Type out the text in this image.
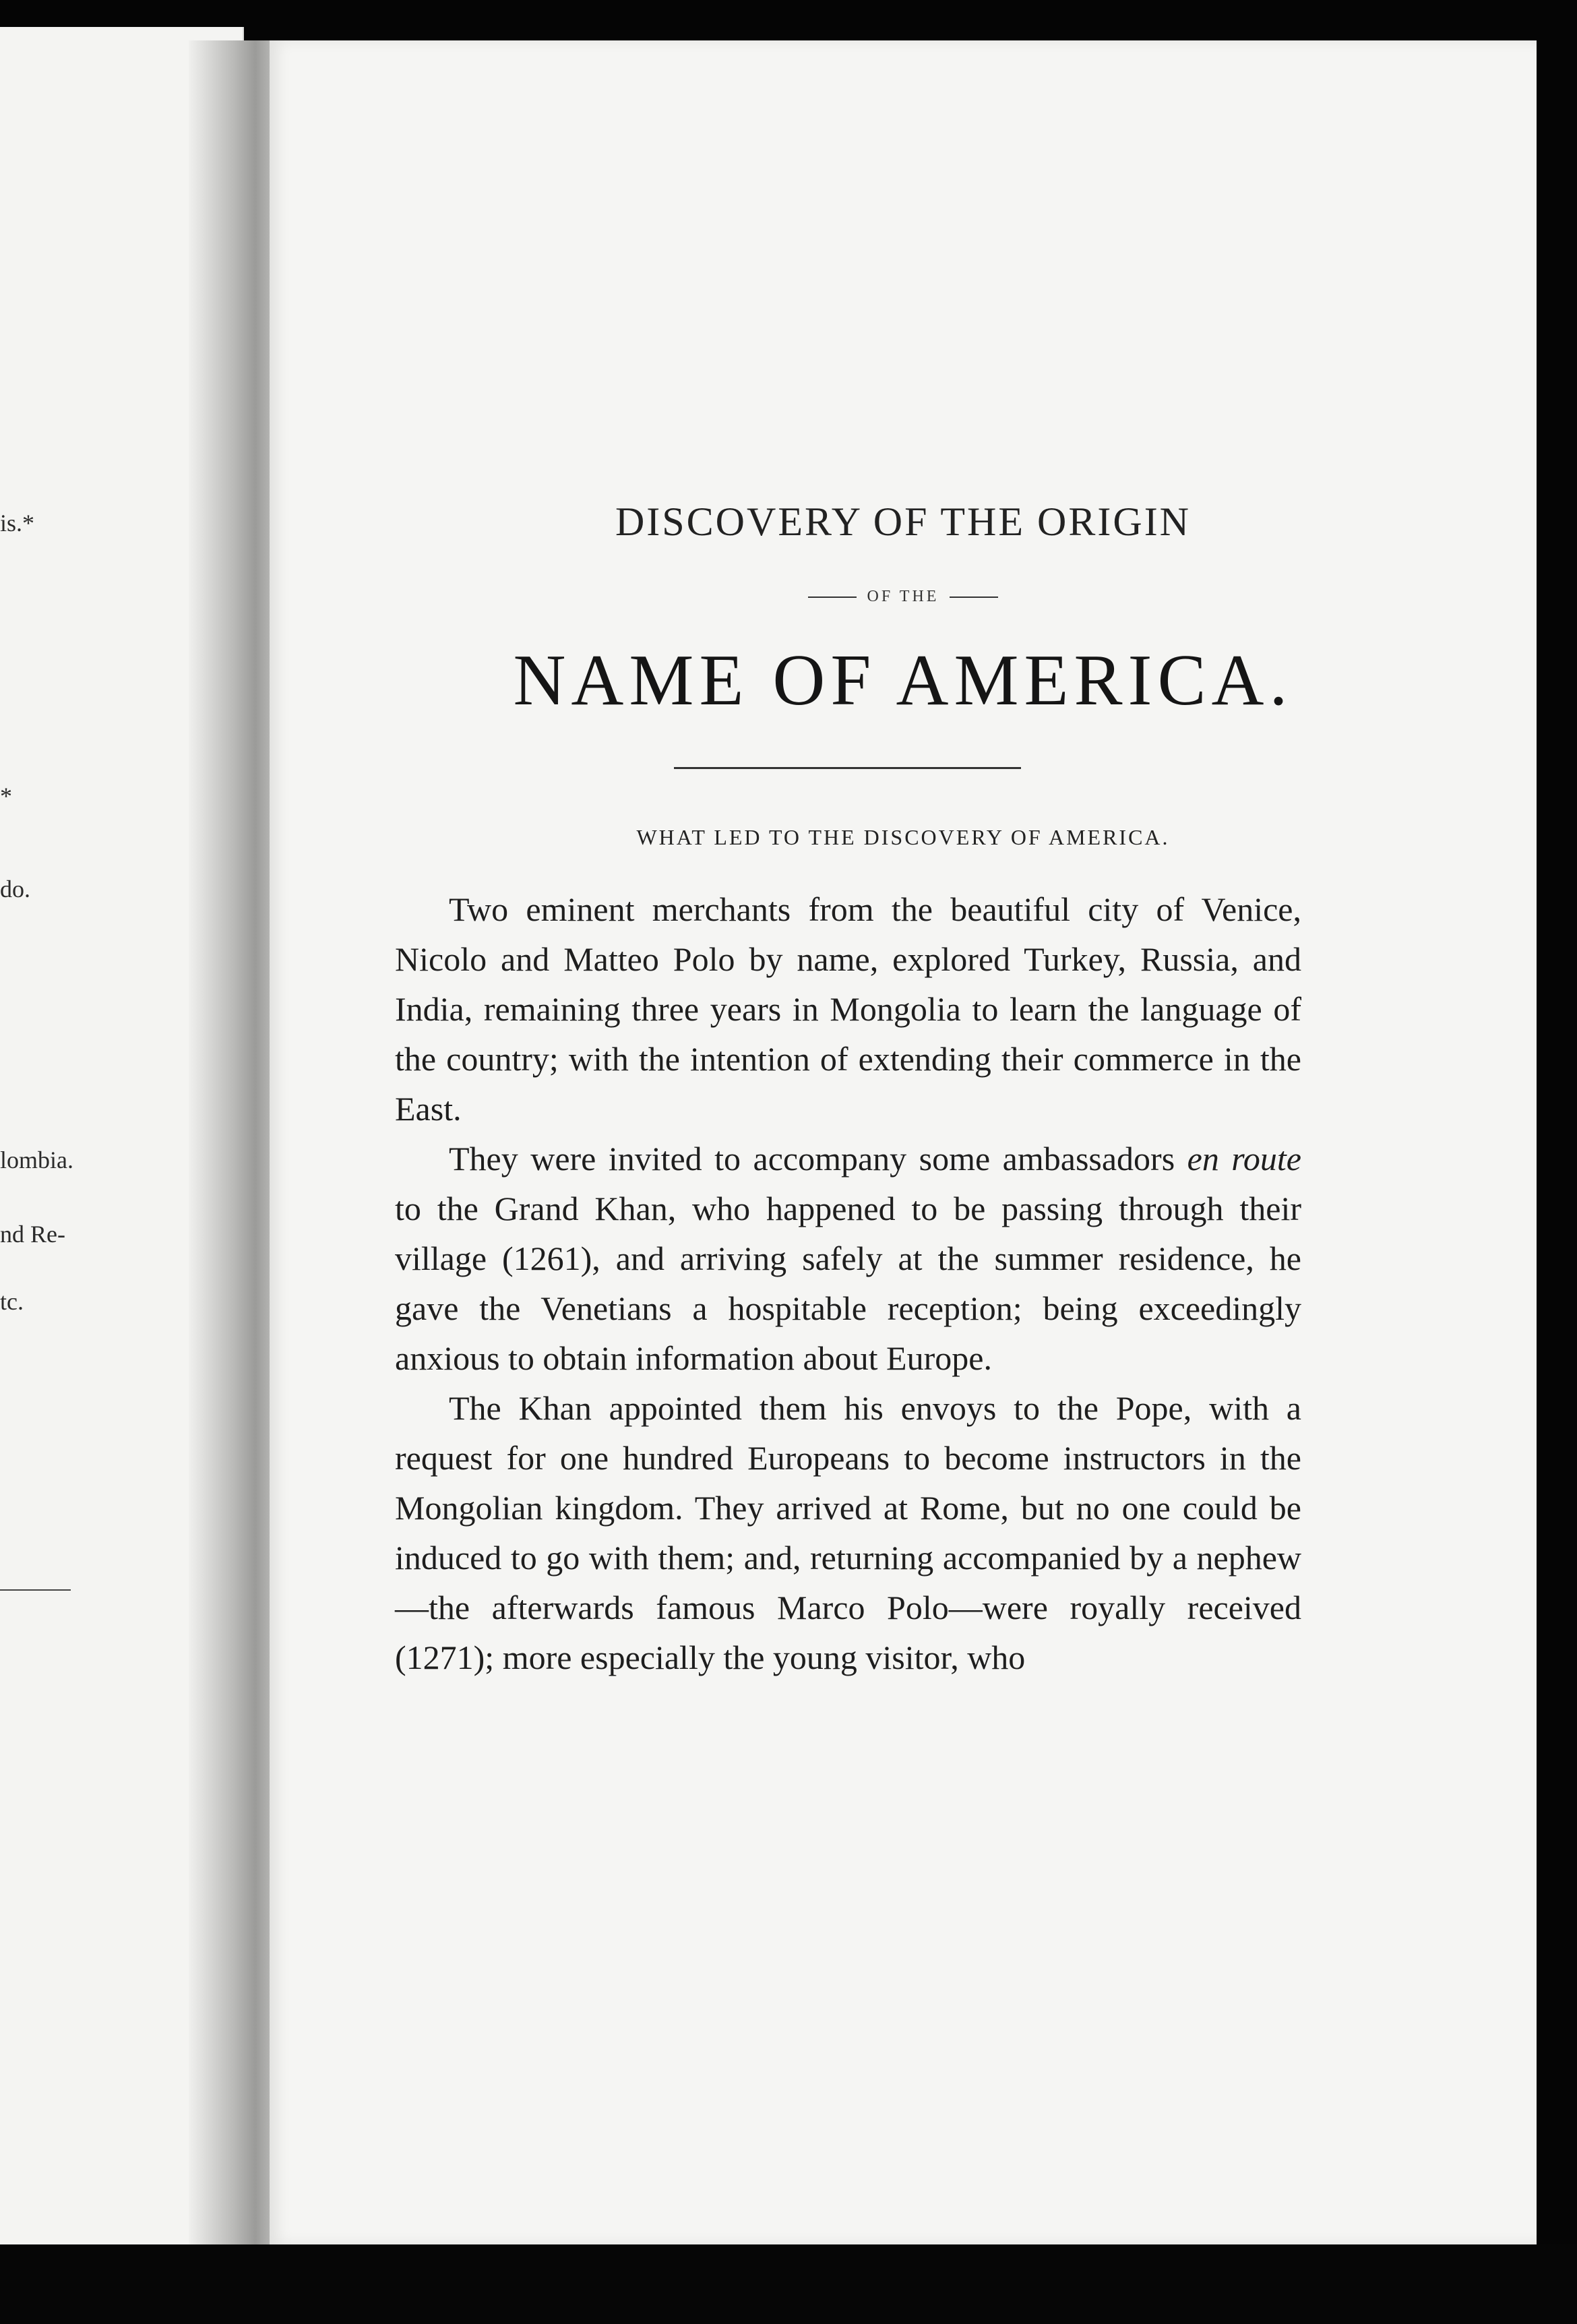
is.*
*
do.
lombia.
nd Re-
tc.
DISCOVERY OF THE ORIGIN
OF THE
NAME OF AMERICA.
WHAT LED TO THE DISCOVERY OF AMERICA.

Two eminent merchants from the beautiful city of Venice, Nicolo and Matteo Polo by name, explored Turkey, Russia, and India, remaining three years in Mongolia to learn the language of the country; with the intention of extending their commerce in the East.

They were invited to accompany some ambassadors en route to the Grand Khan, who happened to be passing through their village (1261), and arriving safely at the summer residence, he gave the Venetians a hospitable reception; being exceedingly anxious to obtain information about Europe.

The Khan appointed them his envoys to the Pope, with a request for one hundred Europeans to become instructors in the Mongolian kingdom. They arrived at Rome, but no one could be induced to go with them; and, returning accompanied by a nephew—the afterwards famous Marco Polo—were royally received (1271); more especially the young visitor, who
